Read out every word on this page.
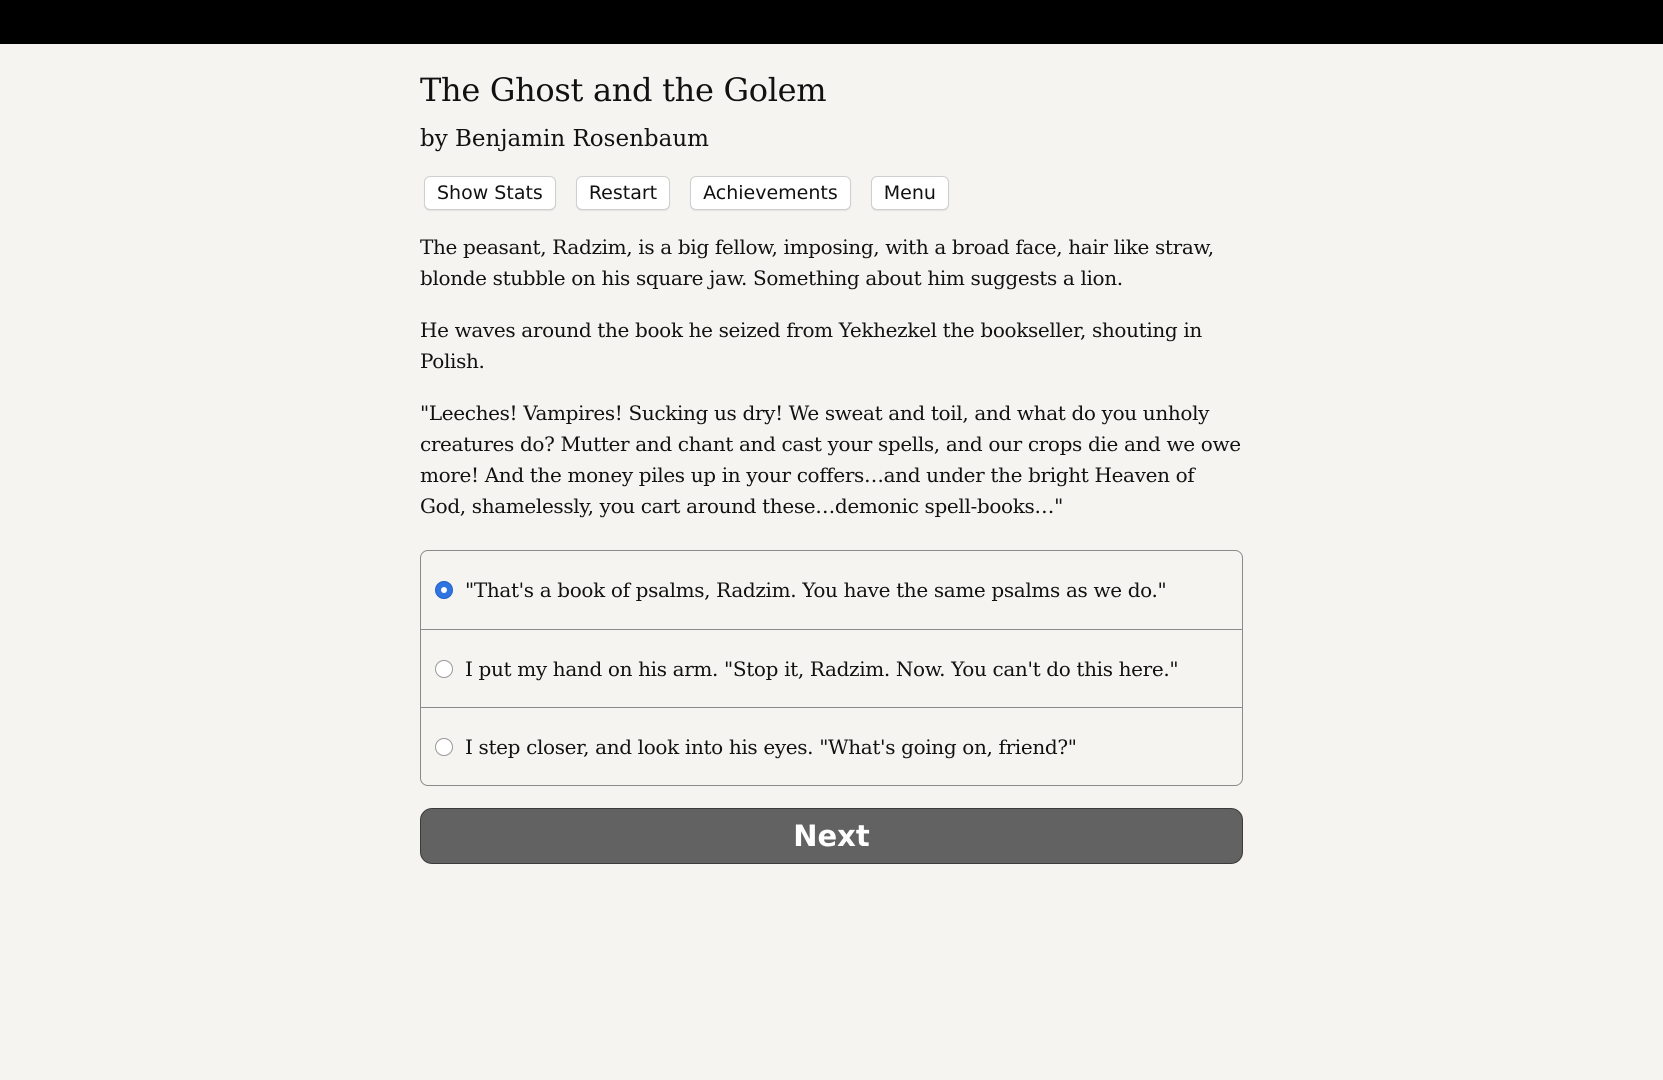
The Ghost and the Golem
by Benjamin Rosenbaum
Show Stats	Restart	Achievements	Menu

The peasant, Radzim, is a big fellow, imposing, with a broad face, hair like straw, blonde stubble on his square jaw. Something about him suggests a lion.

He waves around the book he seized from Yekhezkel the bookseller, shouting in Polish.

"Leeches! Vampires! Sucking us dry! We sweat and toil, and what do you unholy creatures do? Mutter and chant and cast your spells, and our crops die and we owe more! And the money piles up in your coffers…and under the bright Heaven of God, shamelessly, you cart around these…demonic spell-books…"

"That's a book of psalms, Radzim. You have the same psalms as we do."
I put my hand on his arm. "Stop it, Radzim. Now. You can't do this here."
I step closer, and look into his eyes. "What's going on, friend?"
Next
